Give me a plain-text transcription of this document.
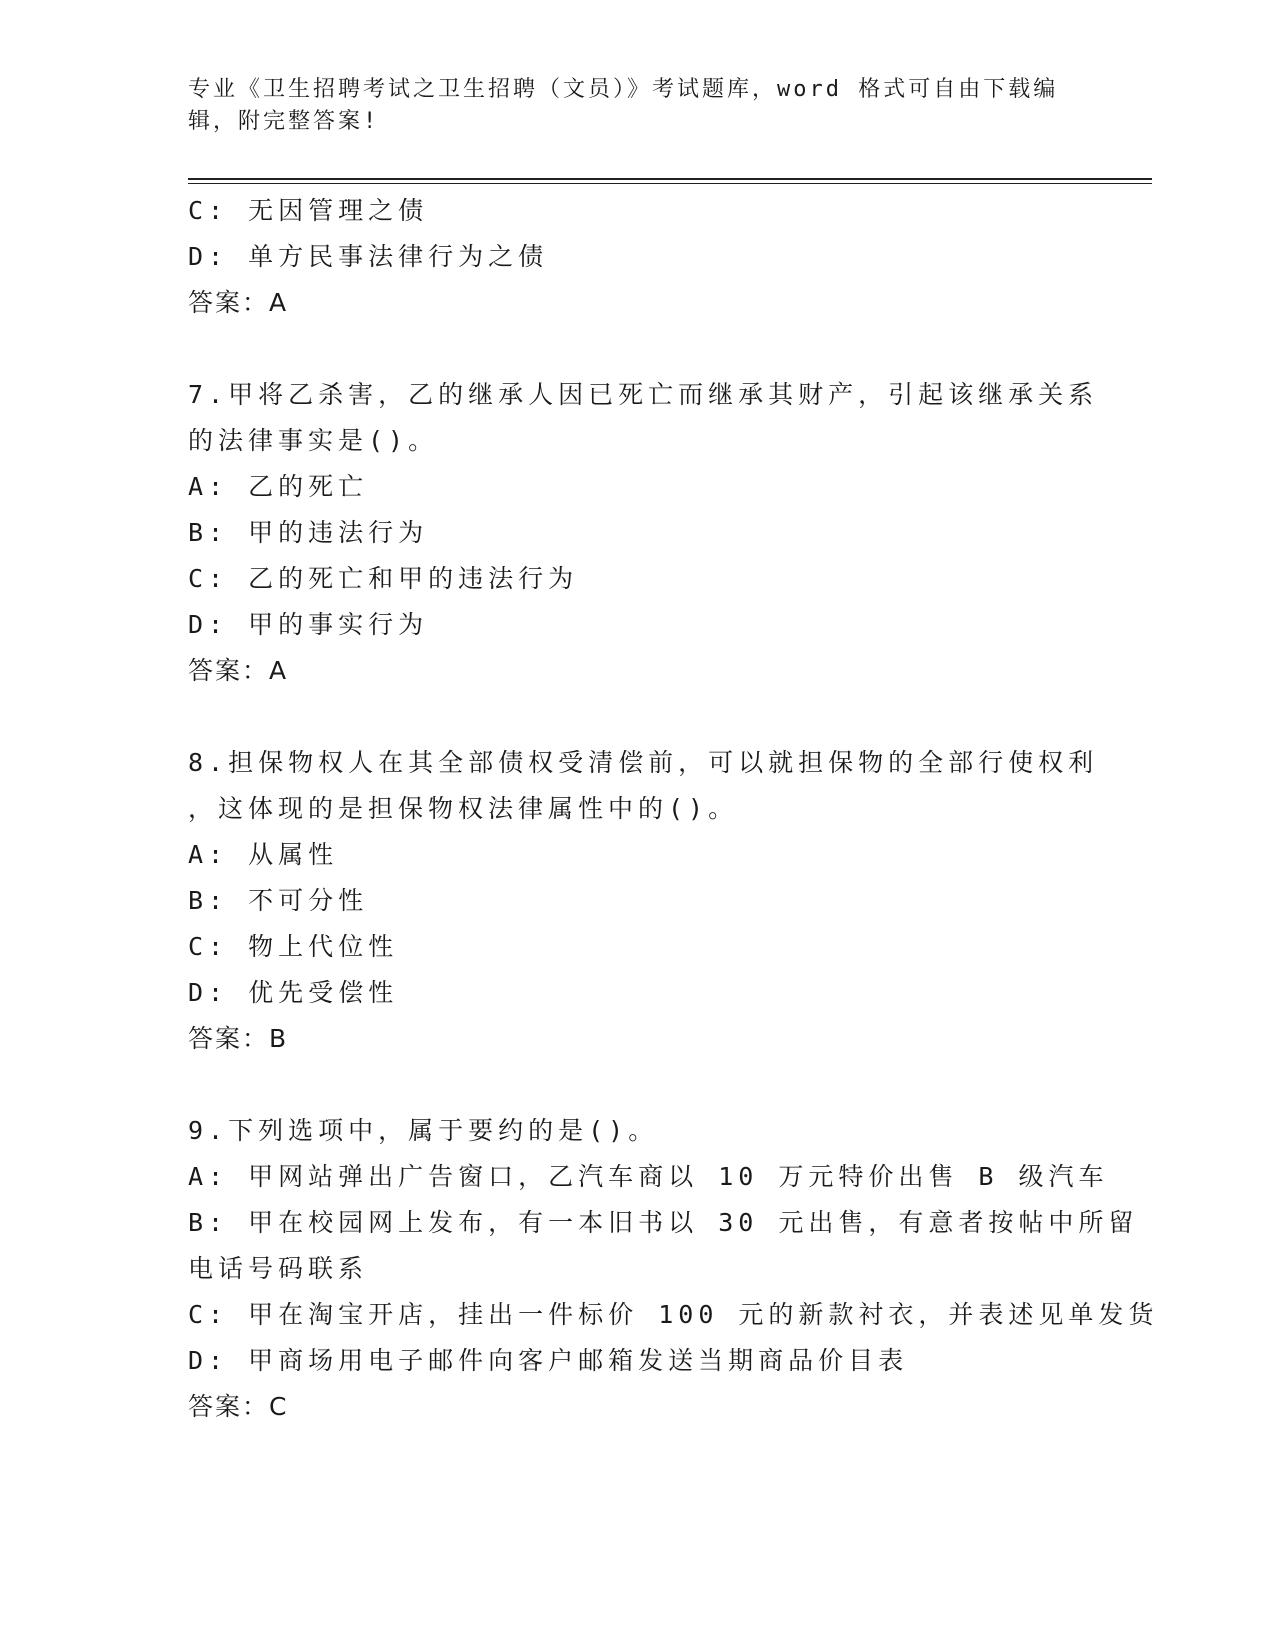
专业《卫生招聘考试之卫生招聘（文员）》考试题库，word 格式可自由下载编辑，附完整答案!
C: 无因管理之债
D: 单方民事法律行为之债
答案：A
7.甲将乙杀害，乙的继承人因已死亡而继承其财产，引起该继承关系
的法律事实是()。
A: 乙的死亡
B: 甲的违法行为
C: 乙的死亡和甲的违法行为
D: 甲的事实行为
答案：A
8.担保物权人在其全部债权受清偿前，可以就担保物的全部行使权利
，这体现的是担保物权法律属性中的()。
A: 从属性
B: 不可分性
C: 物上代位性
D: 优先受偿性
答案：B
9.下列选项中，属于要约的是()。
A: 甲网站弹出广告窗口，乙汽车商以 10 万元特价出售 B 级汽车
B: 甲在校园网上发布，有一本旧书以 30 元出售，有意者按帖中所留
电话号码联系
C: 甲在淘宝开店，挂出一件标价 100 元的新款衬衣，并表述见单发货
D: 甲商场用电子邮件向客户邮箱发送当期商品价目表
答案：C
